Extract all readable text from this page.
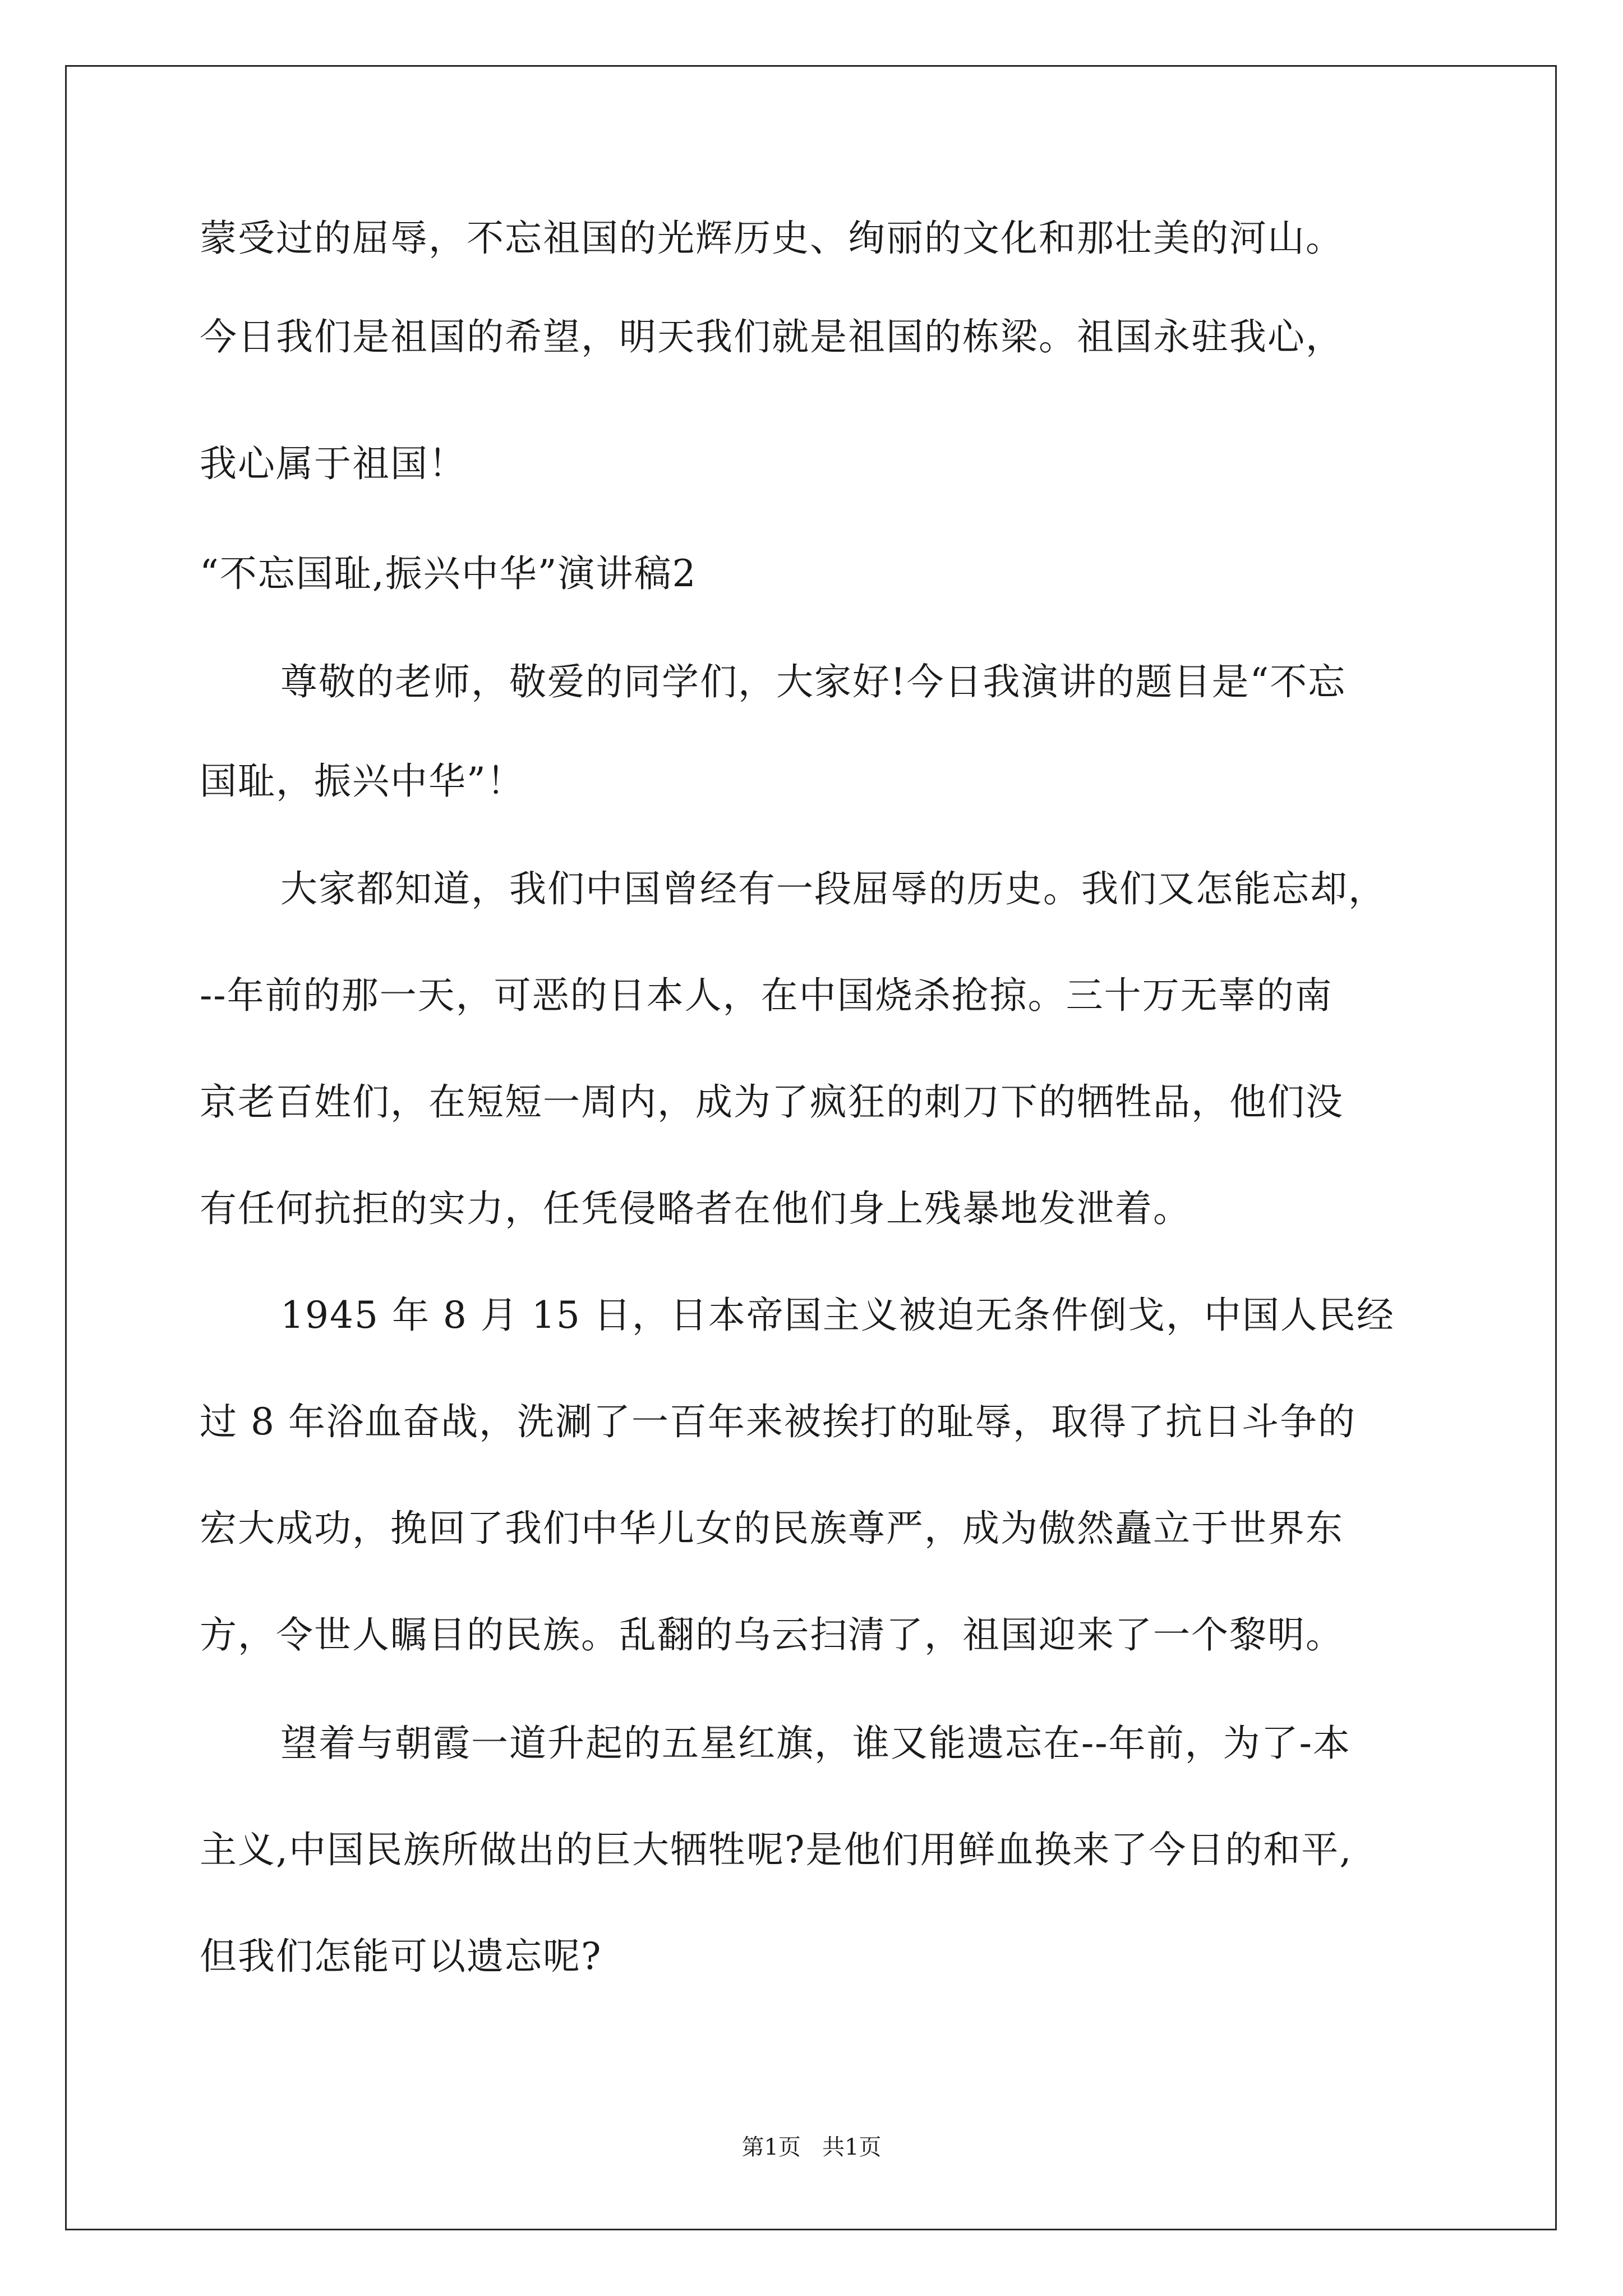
蒙受过的屈辱，不忘祖国的光辉历史、绚丽的文化和那壮美的河山。
今日我们是祖国的希望，明天我们就是祖国的栋梁。祖国永驻我心，
我心属于祖国！
“不忘国耻,振兴中华”演讲稿2
尊敬的老师，敬爱的同学们，大家好!今日我演讲的题目是“不忘
国耻，振兴中华”！
大家都知道，我们中国曾经有一段屈辱的历史。我们又怎能忘却，
--年前的那一天，可恶的日本人，在中国烧杀抢掠。三十万无辜的南
京老百姓们，在短短一周内，成为了疯狂的刺刀下的牺牲品，他们没
有任何抗拒的实力，任凭侵略者在他们身上残暴地发泄着。
1945 年 8 月 15 日，日本帝国主义被迫无条件倒戈，中国人民经
过 8 年浴血奋战，洗涮了一百年来被挨打的耻辱，取得了抗日斗争的
宏大成功，挽回了我们中华儿女的民族尊严，成为傲然矗立于世界东
方，令世人瞩目的民族。乱翻的乌云扫清了，祖国迎来了一个黎明。
望着与朝霞一道升起的五星红旗，谁又能遗忘在--年前，为了-本
主义,中国民族所做出的巨大牺牲呢?是他们用鲜血换来了今日的和平,
但我们怎能可以遗忘呢?
第1页   共1页
